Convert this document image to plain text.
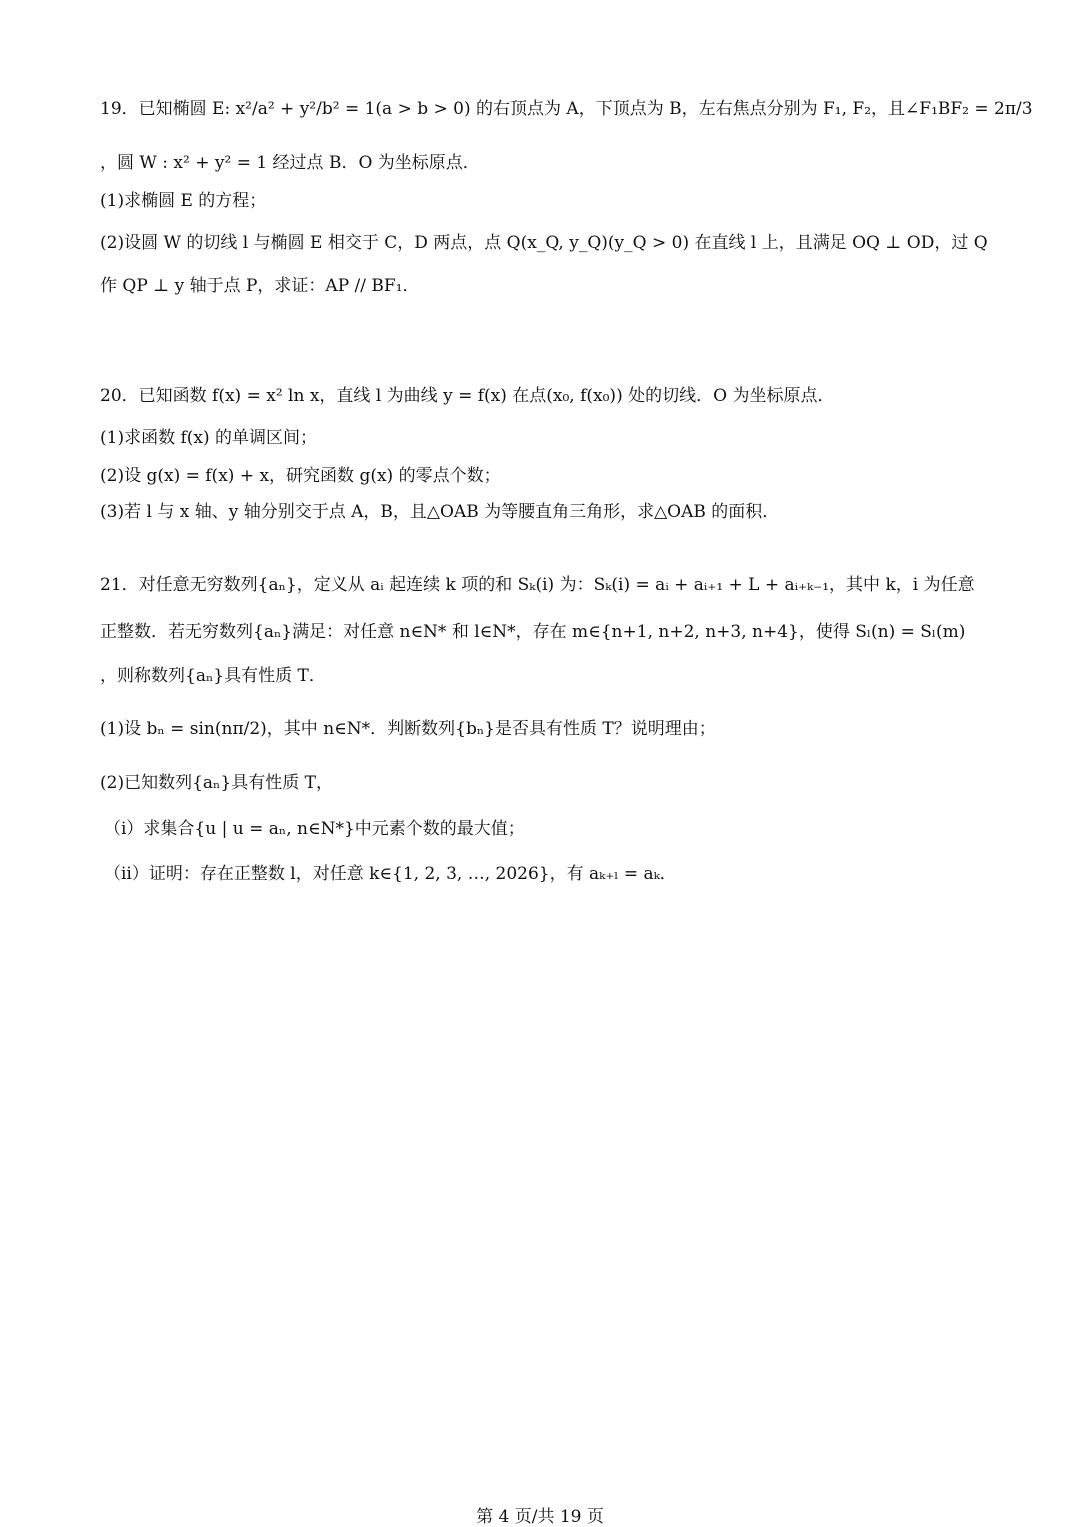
19．已知椭圆 E: x²/a² + y²/b² = 1(a > b > 0) 的右顶点为 A，下顶点为 B，左右焦点分别为 F₁, F₂，且∠F₁BF₂ = 2π/3
，圆 W : x² + y² = 1 经过点 B．O 为坐标原点．
(1)求椭圆 E 的方程；
(2)设圆 W 的切线 l 与椭圆 E 相交于 C，D 两点，点 Q(x_Q, y_Q)(y_Q > 0) 在直线 l 上，且满足 OQ ⊥ OD，过 Q
作 QP ⊥ y 轴于点 P，求证：AP // BF₁．
20．已知函数 f(x) = x² ln x，直线 l 为曲线 y = f(x) 在点(x₀, f(x₀)) 处的切线．O 为坐标原点．
(1)求函数 f(x) 的单调区间；
(2)设 g(x) = f(x) + x，研究函数 g(x) 的零点个数；
(3)若 l 与 x 轴、y 轴分别交于点 A，B，且△OAB 为等腰直角三角形，求△OAB 的面积．
21．对任意无穷数列{aₙ}，定义从 aᵢ 起连续 k 项的和 Sₖ(i) 为：Sₖ(i) = aᵢ + aᵢ₊₁ + L + aᵢ₊ₖ₋₁，其中 k，i 为任意
正整数．若无穷数列{aₙ}满足：对任意 n∈N* 和 l∈N*，存在 m∈{n+1, n+2, n+3, n+4}，使得 Sₗ(n) = Sₗ(m)
，则称数列{aₙ}具有性质 T．
(1)设 bₙ = sin(nπ/2)，其中 n∈N*．判断数列{bₙ}是否具有性质 T？说明理由；
(2)已知数列{aₙ}具有性质 T，
（i）求集合{u | u = aₙ, n∈N*}中元素个数的最大值；
（ii）证明：存在正整数 l，对任意 k∈{1, 2, 3, …, 2026}，有 aₖ₊ₗ = aₖ．
第 4 页/共 19 页
